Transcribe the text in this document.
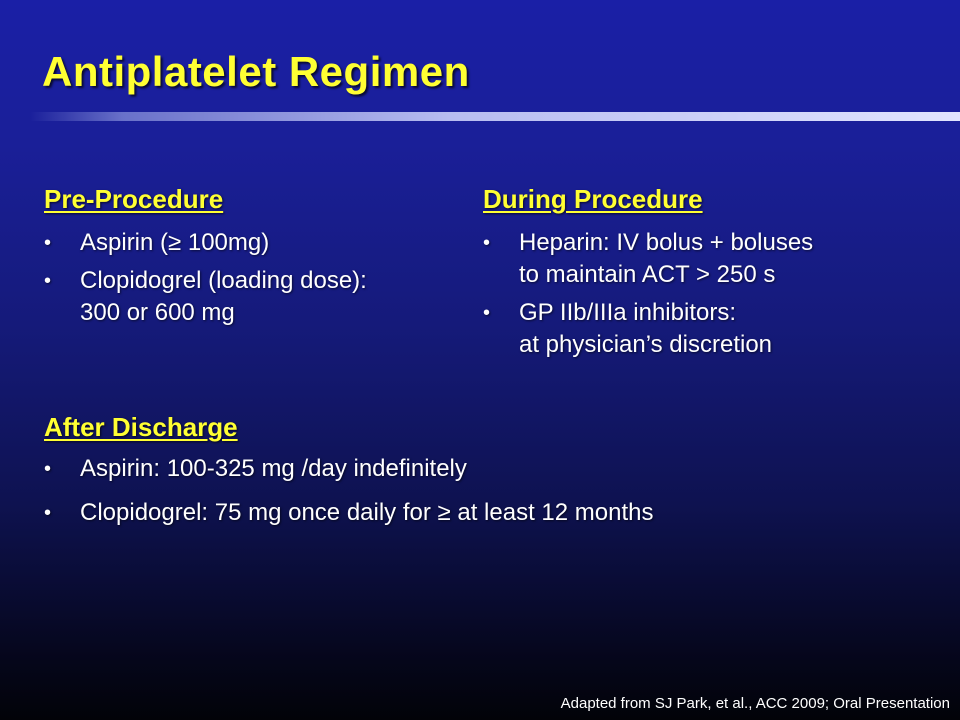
Antiplatelet Regimen
Pre-Procedure
• Aspirin (≥ 100mg)
• Clopidogrel (loading dose):
300 or 600 mg
During Procedure
• Heparin: IV bolus + boluses
to maintain ACT > 250 s
• GP IIb/IIIa inhibitors:
at physician’s discretion
After Discharge
• Aspirin: 100-325 mg /day indefinitely
• Clopidogrel: 75 mg once daily for ≥ at least 12 months
Adapted from SJ Park, et al., ACC 2009; Oral Presentation
